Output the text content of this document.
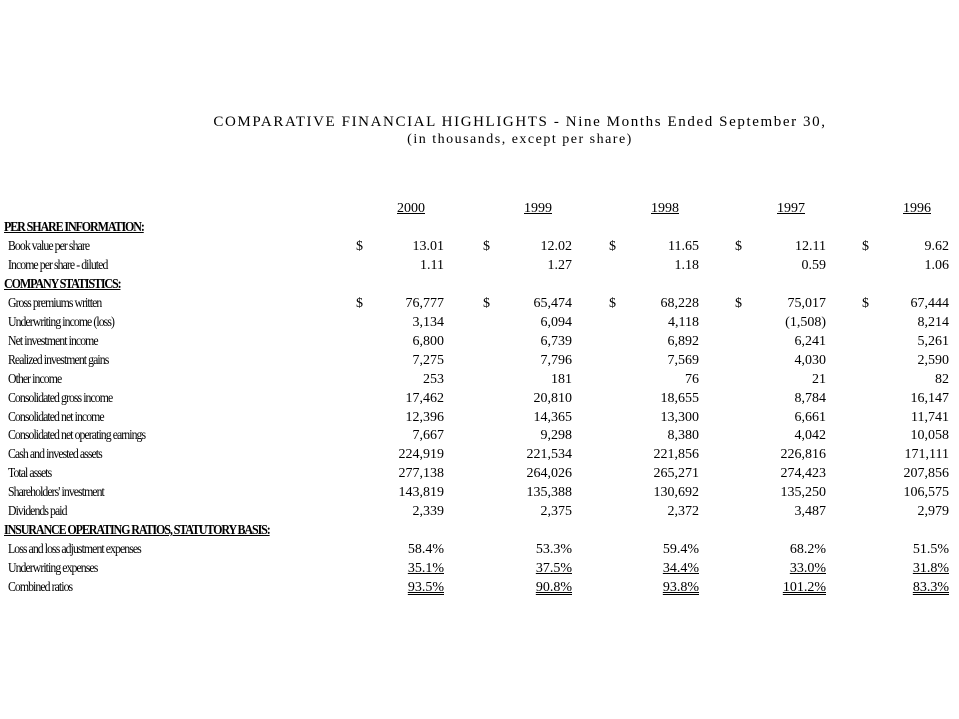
COMPARATIVE FINANCIAL HIGHLIGHTS - Nine Months Ended September 30,
(in thousands, except per share)
2000	1999	1998	1997	1996
PER SHARE INFORMATION:
Book value per share	$	13.01	$	12.02	$	11.65	$	12.11	$	9.62
Income per share - diluted	1.11	1.27	1.18	0.59	1.06
COMPANY STATISTICS:
Gross premiums written	$	76,777	$	65,474	$	68,228	$	75,017	$	67,444
Underwriting income (loss)	3,134	6,094	4,118	(1,508)	8,214
Net investment income	6,800	6,739	6,892	6,241	5,261
Realized investment gains	7,275	7,796	7,569	4,030	2,590
Other income	253	181	76	21	82
Consolidated gross income	17,462	20,810	18,655	8,784	16,147
Consolidated net income	12,396	14,365	13,300	6,661	11,741
Consolidated net operating earnings	7,667	9,298	8,380	4,042	10,058
Cash and invested assets	224,919	221,534	221,856	226,816	171,111
Total assets	277,138	264,026	265,271	274,423	207,856
Shareholders' investment	143,819	135,388	130,692	135,250	106,575
Dividends paid	2,339	2,375	2,372	3,487	2,979
INSURANCE OPERATING RATIOS, STATUTORY BASIS:
Loss and loss adjustment expenses	58.4%	53.3%	59.4%	68.2%	51.5%
Underwriting expenses	35.1%	37.5%	34.4%	33.0%	31.8%
Combined ratios	93.5%	90.8%	93.8%	101.2%	83.3%
